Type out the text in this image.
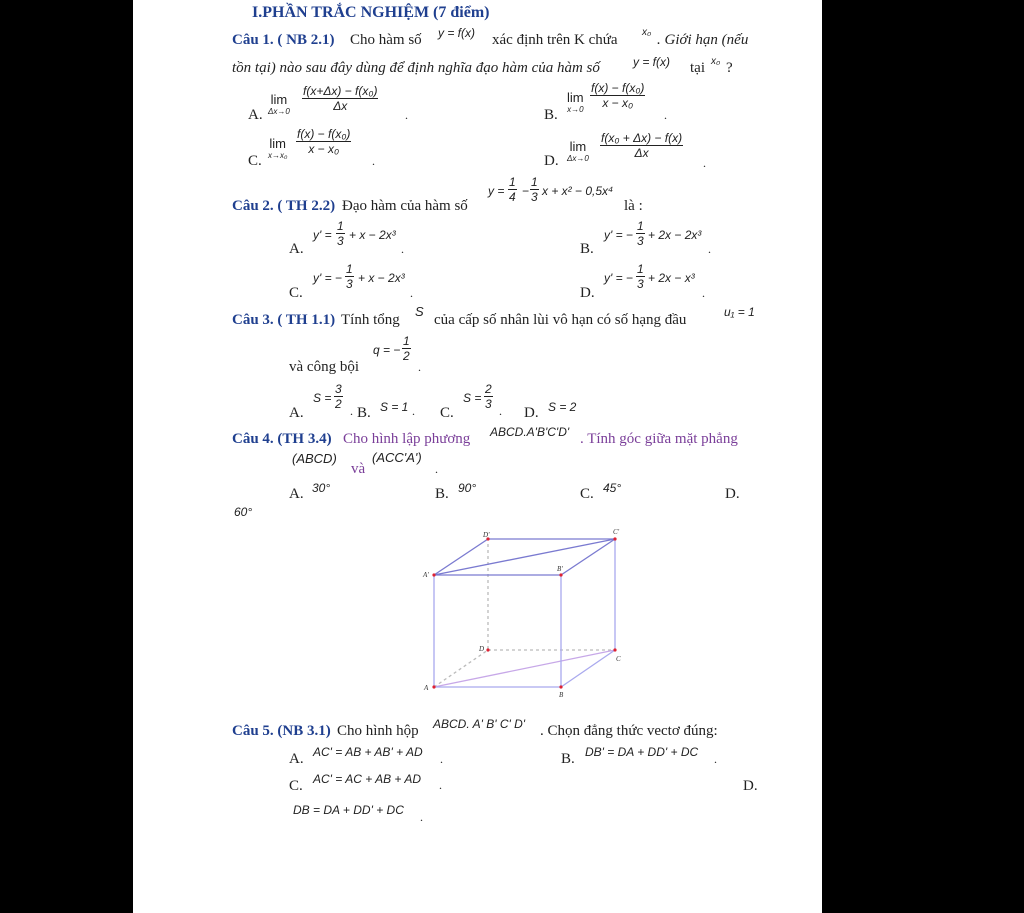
I.PHẦN TRẮC NGHIỆM (7 điểm)
Câu 1. ( NB 2.1) Cho hàm số y = f(x) xác định trên K chứa x₀ . Giới hạn (nếu
tồn tại) nào sau đây dùng để định nghĩa đạo hàm của hàm số	y = f(x) tại x₀ ?
A.
lim
$\Delta x\to 0 \frac{\text{f(x+Δx) − f(x₀)}}{\Delta x}$
.	B.
lim
$x\to 0 \frac{\text{f(x) − f(x₀)}}{\text{x − x₀}}$
.
C.
lim
$x\to x_0 \frac{\text{f(x) − f(x₀)}}{\text{x − x₀}}$
.	D.
lim
$\Delta x\to 0 \frac{\text{f(x₀ + Δx) − f(x)}}{\Delta x}$
.
Câu 2. ( TH 2.2) Đạo hàm của hàm số
$y = \frac{1}{4} - \frac{1}{3}$ x + x² − 0,5x⁴
là :
A.
$y' = \frac{1}{3} + x - 2x^3$
.	B.
y' = − $\frac{1}{3} + 2x - 2x^3$
.
C.
y' = − $\frac{1}{3} + x - 2x^3$
.	D.
y' = − $\frac{1}{3} + 2x - x^3$
.
Câu 3. ( TH 1.1) Tính tổng
S
của cấp số nhân lùi vô hạn có số hạng đầu	u₁ = 1
và công bội
q = − $\frac{1}{2}$
.
A.
$S = \frac{3}{2}$ . B. S = 1 . C.
$S = \frac{2}{3}$ . D. S = 2
Câu 4. (TH 3.4) Cho hình lập phương ABCD.A'B'C'D' . Tính góc giữa mặt phẳng
(ABCD)
và
(ACC'A')
.
A. 30°	B. 90°	C. 45°	D.
60°
A
B
C
D
A'
B'
C'
D'
Câu 5. (NB 3.1) Cho hình hộp ABCD. A' B' C' D' . Chọn đẳng thức vectơ đúng:
A. AC' = AB + AB' + AD .	B. DB' = DA + DD' + DC .
C. AC' = AC + AB + AD .	D.
DB = DA + DD' + DC .
